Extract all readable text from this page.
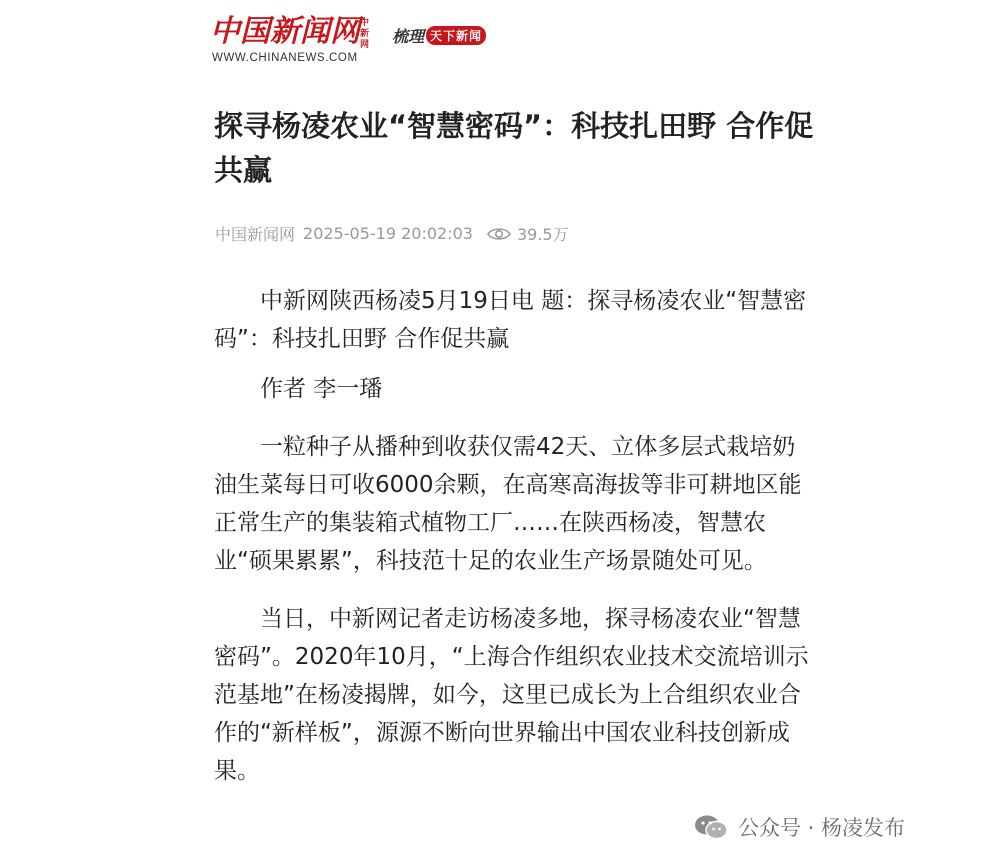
中国新闻网 中新网
WWW.CHINANEWS.COM
梳理 天下新闻
探寻杨凌农业“智慧密码”：科技扎田野 合作促共赢
中国新闻网 2025-05-19 20:02:03	39.5万

中新网陕西杨凌5月19日电 题：探寻杨凌农业“智慧密码”：科技扎田野 合作促共赢

作者 李一璠

一粒种子从播种到收获仅需42天、立体多层式栽培奶油生菜每日可收6000余颗，在高寒高海拔等非可耕地区能正常生产的集装箱式植物工厂……在陕西杨凌，智慧农业“硕果累累”，科技范十足的农业生产场景随处可见。

当日，中新网记者走访杨凌多地，探寻杨凌农业“智慧密码”。2020年10月，“上海合作组织农业技术交流培训示范基地”在杨凌揭牌，如今，这里已成长为上合组织农业合作的“新样板”，源源不断向世界输出中国农业科技创新成果。

公众号 · 杨凌发布
